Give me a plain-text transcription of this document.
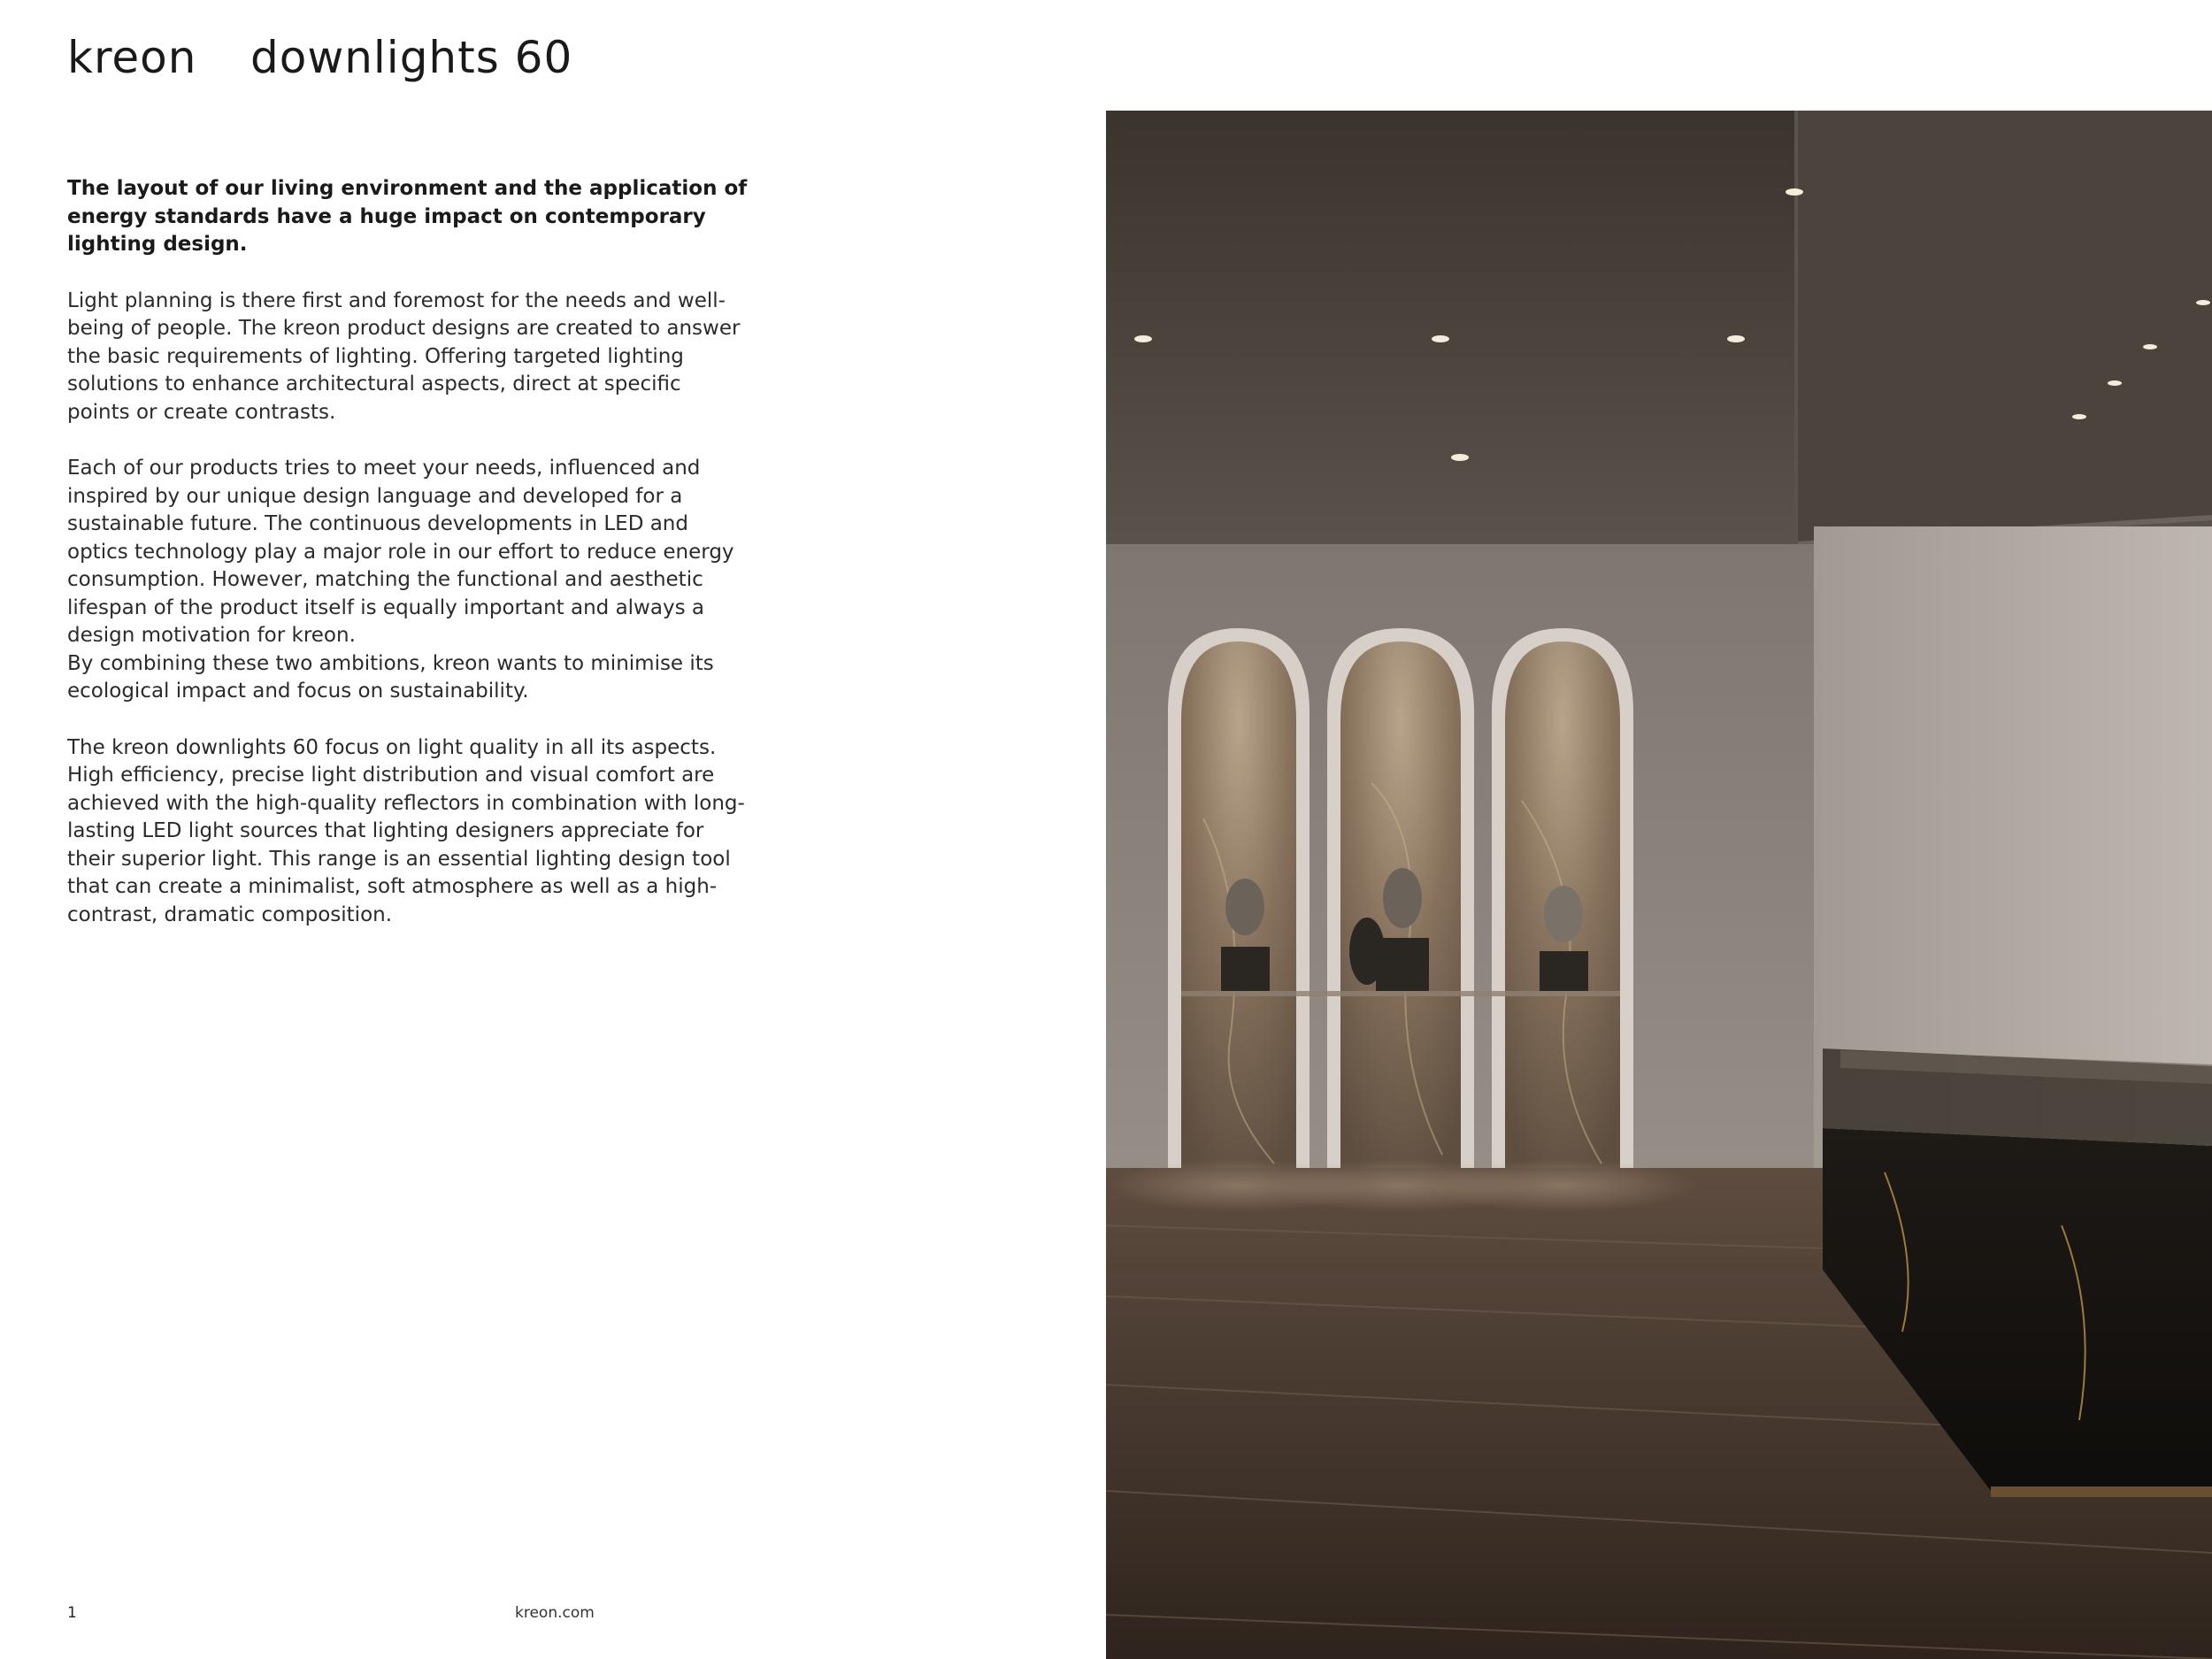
kreon downlights 60

The layout of our living environment and the application of energy standards have a huge impact on contemporary lighting design.

Light planning is there first and foremost for the needs and well-being of people. The kreon product designs are created to answer the basic requirements of lighting. Offering targeted lighting solutions to enhance architectural aspects, direct at specific points or create contrasts.

Each of our products tries to meet your needs, influenced and inspired by our unique design language and developed for a sustainable future. The continuous developments in LED and optics technology play a major role in our effort to reduce energy consumption. However, matching the functional and aesthetic lifespan of the product itself is equally important and always a design motivation for kreon.
By combining these two ambitions, kreon wants to minimise its ecological impact and focus on sustainability.

The kreon downlights 60 focus on light quality in all its aspects. High efficiency, precise light distribution and visual comfort are achieved with the high-quality reflectors in combination with long-lasting LED light sources that lighting designers appreciate for their superior light. This range is an essential lighting design tool that can create a minimalist, soft atmosphere as well as a high-contrast, dramatic composition.

1	kreon.com
